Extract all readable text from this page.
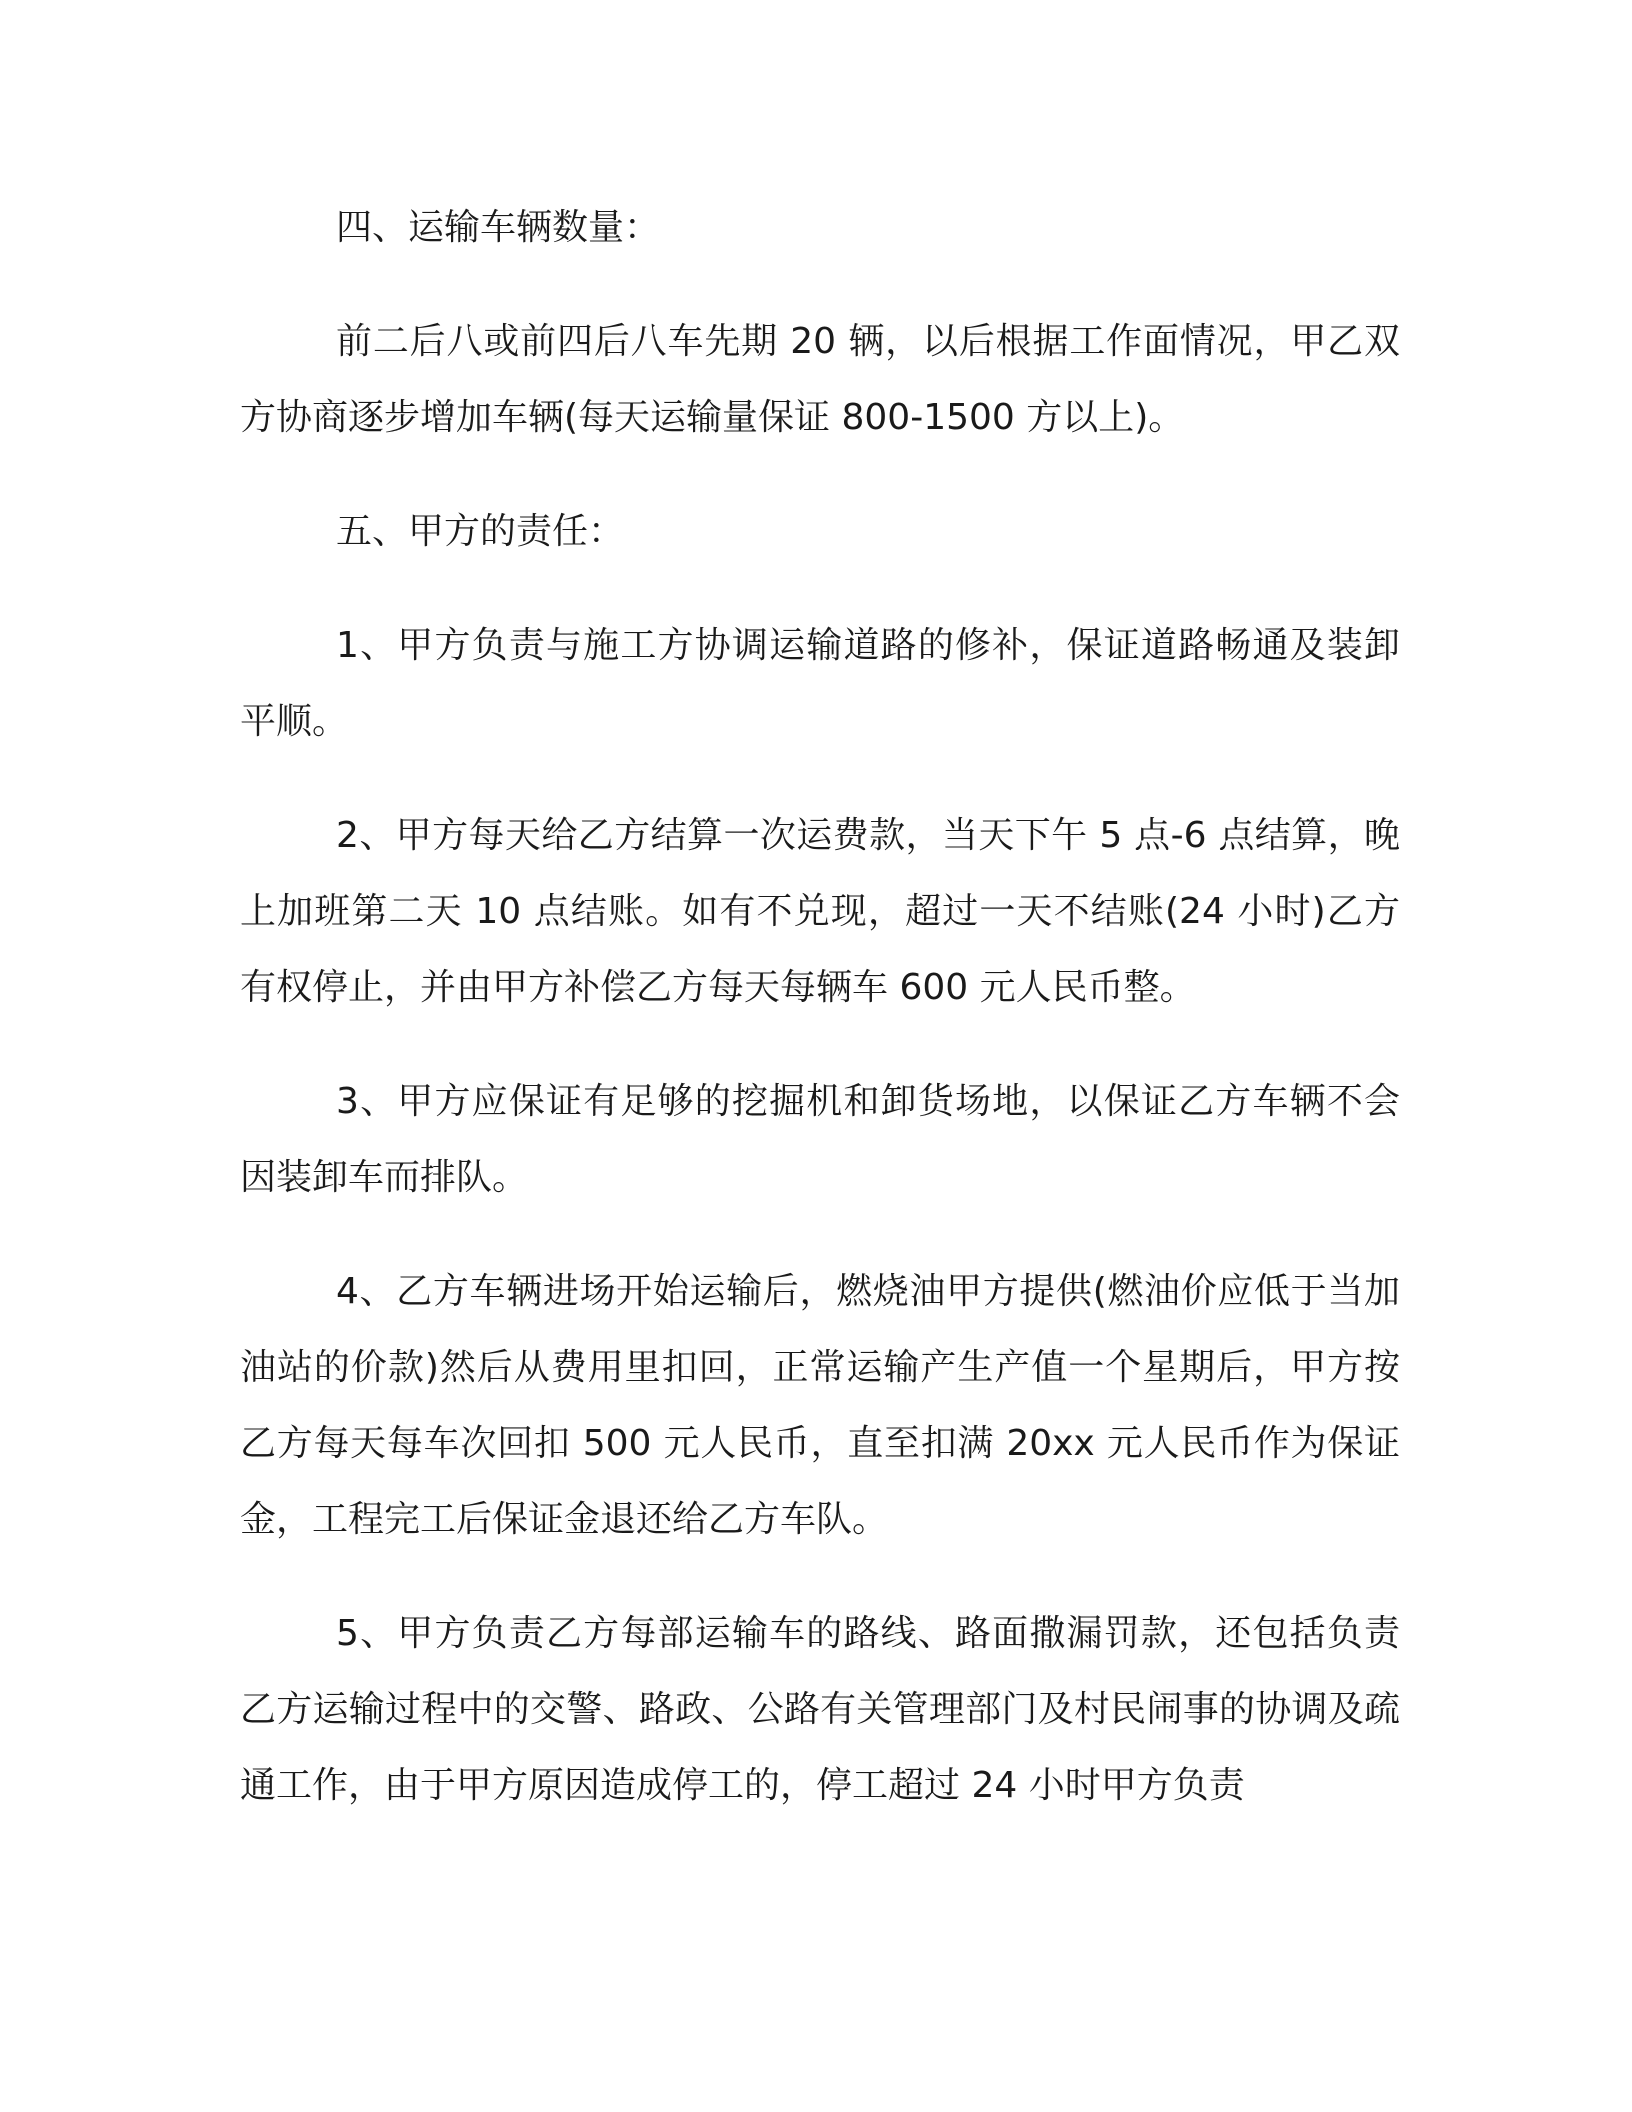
四、运输车辆数量：

前二后八或前四后八车先期 20 辆，以后根据工作面情况，甲乙双方协商逐步增加车辆(每天运输量保证 800-1500 方以上)。

五、甲方的责任：

1、甲方负责与施工方协调运输道路的修补，保证道路畅通及装卸平顺。

2、甲方每天给乙方结算一次运费款，当天下午 5 点-6 点结算，晚上加班第二天 10 点结账。如有不兑现，超过一天不结账(24 小时)乙方有权停止，并由甲方补偿乙方每天每辆车 600 元人民币整。

3、甲方应保证有足够的挖掘机和卸货场地，以保证乙方车辆不会因装卸车而排队。

4、乙方车辆进场开始运输后，燃烧油甲方提供(燃油价应低于当加油站的价款)然后从费用里扣回，正常运输产生产值一个星期后，甲方按乙方每天每车次回扣 500 元人民币，直至扣满 20xx 元人民币作为保证金，工程完工后保证金退还给乙方车队。

5、甲方负责乙方每部运输车的路线、路面撒漏罚款，还包括负责乙方运输过程中的交警、路政、公路有关管理部门及村民闹事的协调及疏通工作，由于甲方原因造成停工的，停工超过 24 小时甲方负责
